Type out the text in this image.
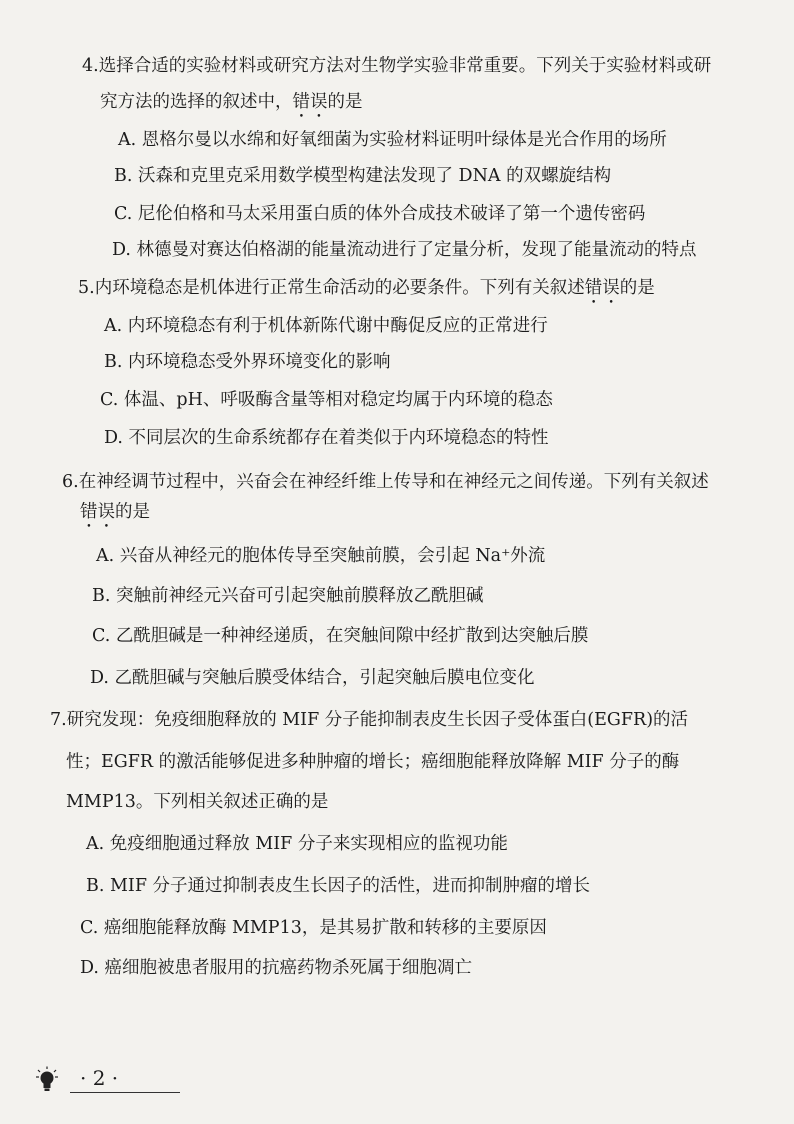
4.选择合适的实验材料或研究方法对生物学实验非常重要。下列关于实验材料或研
究方法的选择的叙述中，错误的是
A. 恩格尔曼以水绵和好氧细菌为实验材料证明叶绿体是光合作用的场所
B. 沃森和克里克采用数学模型构建法发现了 DNA 的双螺旋结构
C. 尼伦伯格和马太采用蛋白质的体外合成技术破译了第一个遗传密码
D. 林德曼对赛达伯格湖的能量流动进行了定量分析，发现了能量流动的特点
5.内环境稳态是机体进行正常生命活动的必要条件。下列有关叙述错误的是
A. 内环境稳态有利于机体新陈代谢中酶促反应的正常进行
B. 内环境稳态受外界环境变化的影响
C. 体温、pH、呼吸酶含量等相对稳定均属于内环境的稳态
D. 不同层次的生命系统都存在着类似于内环境稳态的特性
6.在神经调节过程中，兴奋会在神经纤维上传导和在神经元之间传递。下列有关叙述
错误的是
A. 兴奋从神经元的胞体传导至突触前膜，会引起 Na⁺外流
B. 突触前神经元兴奋可引起突触前膜释放乙酰胆碱
C. 乙酰胆碱是一种神经递质，在突触间隙中经扩散到达突触后膜
D. 乙酰胆碱与突触后膜受体结合，引起突触后膜电位变化
7.研究发现：免疫细胞释放的 MIF 分子能抑制表皮生长因子受体蛋白(EGFR)的活
性；EGFR 的激活能够促进多种肿瘤的增长；癌细胞能释放降解 MIF 分子的酶
MMP13。下列相关叙述正确的是
A. 免疫细胞通过释放 MIF 分子来实现相应的监视功能
B. MIF 分子通过抑制表皮生长因子的活性，进而抑制肿瘤的增长
C. 癌细胞能释放酶 MMP13，是其易扩散和转移的主要原因
D. 癌细胞被患者服用的抗癌药物杀死属于细胞凋亡
· 2 ·
